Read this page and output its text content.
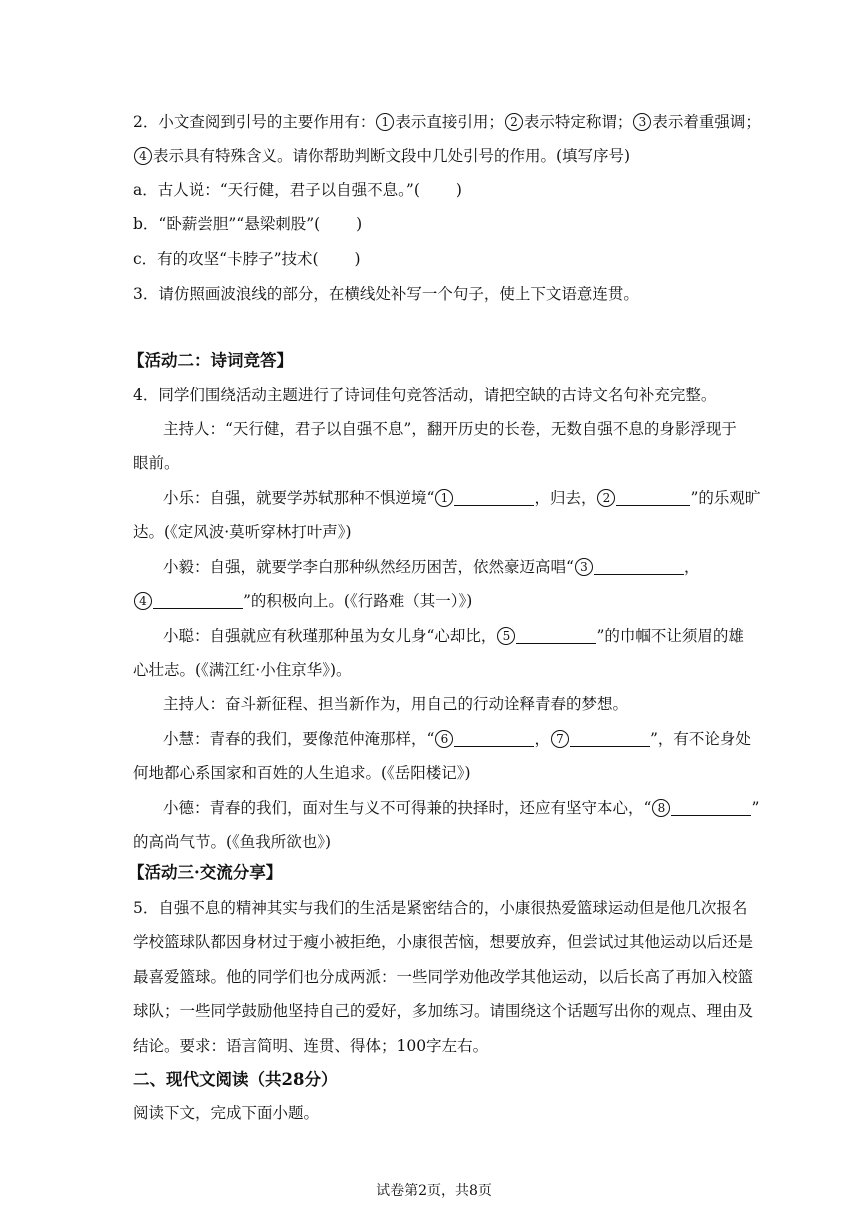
2．小文查阅到引号的主要作用有： 1 表示直接引用； 2 表示特定称谓； 3 表示着重强调；
4 表示具有特殊含义。请你帮助判断文段中几处引号的作用。(填写序号)
a．古人说：“天行健，君子以自强不息。”(　　 )
b．“卧薪尝胆”“悬梁刺股”(　　 )
c．有的攻坚“卡脖子”技术(　　 )
3．请仿照画波浪线的部分，在横线处补写一个句子，使上下文语意连贯。
【活动二：诗词竞答】
4．同学们围绕活动主题进行了诗词佳句竞答活动，请把空缺的古诗文名句补充完整。
主持人：“天行健，君子以自强不息”，翻开历史的长卷，无数自强不息的身影浮现于
眼前。
小乐：自强，就要学苏轼那种不惧逆境“ 1	，归去， 2	”的乐观旷
达。(《定风波·莫听穿林打叶声》)
小毅：自强，就要学李白那种纵然经历困苦，依然豪迈高唱“ 3	，
4	”的积极向上。(《行路难（其一）》)
小聪：自强就应有秋瑾那种虽为女儿身“心却比， 5	”的巾帼不让须眉的雄
心壮志。(《满江红·小住京华》)。
主持人：奋斗新征程、担当新作为，用自己的行动诠释青春的梦想。
小慧：青春的我们，要像范仲淹那样，“ 6	， 7	”，有不论身处
何地都心系国家和百姓的人生追求。(《岳阳楼记》)
小德：青春的我们，面对生与义不可得兼的抉择时，还应有坚守本心，“ 8	”
的高尚气节。(《鱼我所欲也》)
【活动三·交流分享】
5．自强不息的精神其实与我们的生活是紧密结合的，小康很热爱篮球运动但是他几次报名
学校篮球队都因身材过于瘦小被拒绝，小康很苦恼，想要放弃，但尝试过其他运动以后还是
最喜爱篮球。他的同学们也分成两派：一些同学劝他改学其他运动，以后长高了再加入校篮
球队；一些同学鼓励他坚持自己的爱好，多加练习。请围绕这个话题写出你的观点、理由及
结论。要求：语言简明、连贯、得体；100字左右。
二、现代文阅读（共28分）
阅读下文，完成下面小题。
试卷第2页，共8页
